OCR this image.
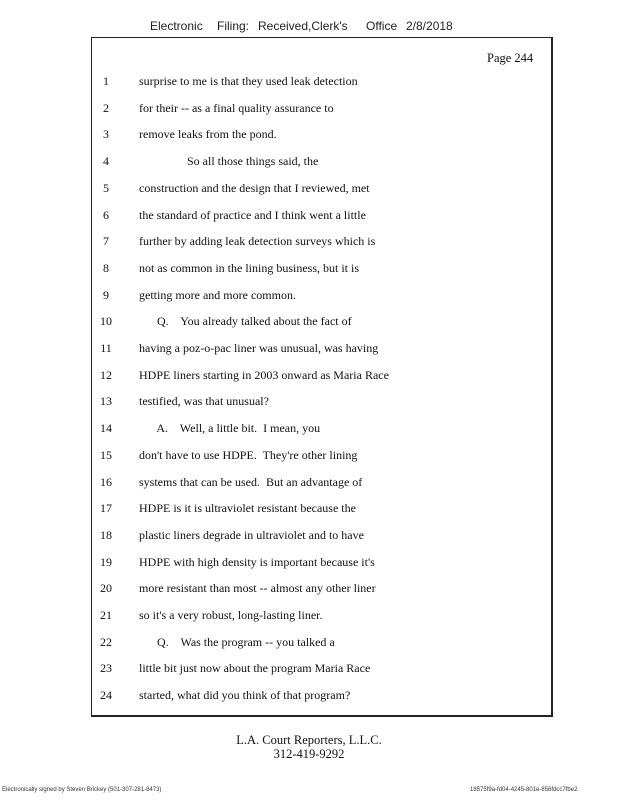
Electronic Filing: Received,Clerk's Office 2/8/2018
Page 244
1	surprise to me is that they used leak detection
2	for their -- as a final quality assurance to
3	remove leaks from the pond.
4	So all those things said, the
5	construction and the design that I reviewed, met
6	the standard of practice and I think went a little
7	further by adding leak detection surveys which is
8	not as common in the lining business, but it is
9	getting more and more common.
10	Q.    You already talked about the fact of
11	having a poz-o-pac liner was unusual, was having
12	HDPE liners starting in 2003 onward as Maria Race
13	testified, was that unusual?
14	A.    Well, a little bit.  I mean, you
15	don't have to use HDPE.  They're other lining
16	systems that can be used.  But an advantage of
17	HDPE is it is ultraviolet resistant because the
18	plastic liners degrade in ultraviolet and to have
19	HDPE with high density is important because it's
20	more resistant than most -- almost any other liner
21	so it's a very robust, long-lasting liner.
22	Q.    Was the program -- you talked a
23	little bit just now about the program Maria Race
24	started, what did you think of that program?
L.A. Court Reporters, L.L.C.
312-419-9292
Electronically signed by Steven Brickey (501-307-281-8473)	18575f9a-fd04-4245-801e-856fdcc7fbe2
